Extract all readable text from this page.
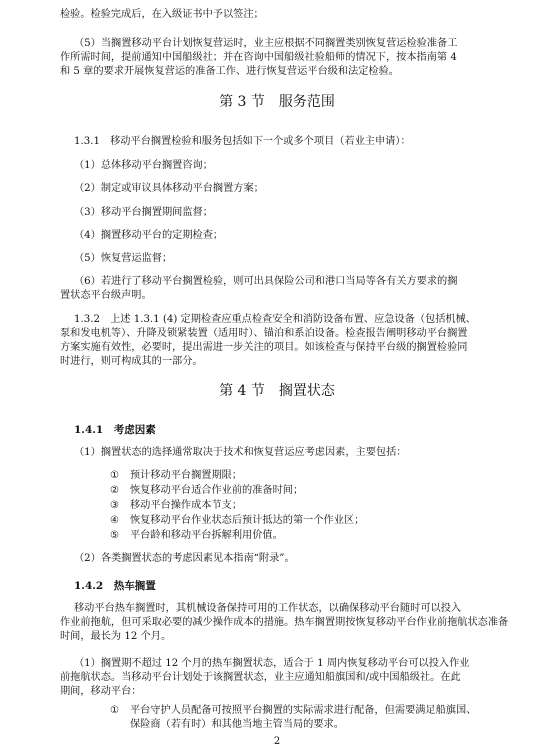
检验。检验完成后，在入级证书中予以签注；
（5）当搁置移动平台计划恢复营运时，业主应根据不同搁置类别恢复营运检验准备工
作所需时间，提前通知中国船级社；并在咨询中国船级社验船师的情况下，按本指南第 4
和 5 章的要求开展恢复营运的准备工作、进行恢复营运平台级和法定检验。
第 3 节　服务范围
1.3.1　移动平台搁置检验和服务包括如下一个或多个项目（若业主申请）：
（1）总体移动平台搁置咨询；
（2）制定或审议具体移动平台搁置方案；
（3）移动平台搁置期间监督；
（4）搁置移动平台的定期检查；
（5）恢复营运监督；
（6）若进行了移动平台搁置检验，则可出具保险公司和港口当局等各有关方要求的搁
置状态平台级声明。
1.3.2　上述 1.3.1 (4) 定期检查应重点检查安全和消防设备布置、应急设备（包括机械、
泵和发电机等）、升降及锁紧装置（适用时）、锚泊和系泊设备。检查报告阐明移动平台搁置
方案实施有效性，必要时，提出需进一步关注的项目。如该检查与保持平台级的搁置检验同
时进行，则可构成其的一部分。
第 4 节　搁置状态
1.4.1　考虑因素
（1）搁置状态的选择通常取决于技术和恢复营运应考虑因素，主要包括：
① 预计移动平台搁置期限；
② 恢复移动平台适合作业前的准备时间；
③ 移动平台操作成本节支；
④ 恢复移动平台作业状态后预计抵达的第一个作业区；
⑤ 平台龄和移动平台拆解利用价值。
（2）各类搁置状态的考虑因素见本指南“附录”。
1.4.2　热车搁置
移动平台热车搁置时，其机械设备保持可用的工作状态，以确保移动平台随时可以投入
作业前拖航，但可采取必要的减少操作成本的措施。热车搁置期按恢复移动平台作业前拖航状态准备
时间，最长为 12 个月。
（1）搁置期不超过 12 个月的热车搁置状态，适合于 1 周内恢复移动平台可以投入作业
前拖航状态。当移动平台计划处于该搁置状态，业主应通知船旗国和/或中国船级社。在此
期间，移动平台：
① 平台守护人员配备可按照平台搁置的实际需求进行配备，但需要满足船旗国、
保险商（若有时）和其他当地主管当局的要求。
2
